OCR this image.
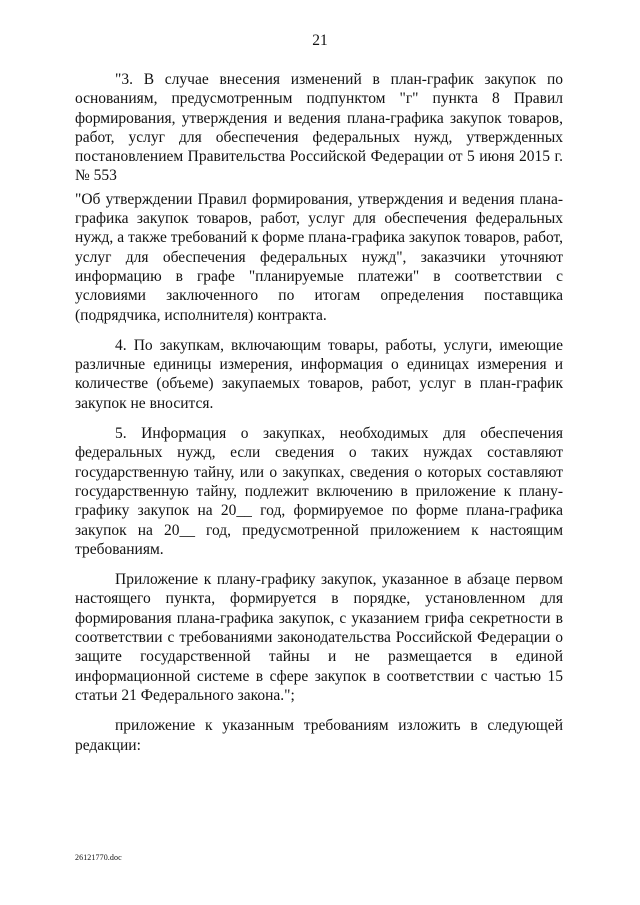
21

"3. В случае внесения изменений в план-график закупок по основаниям, предусмотренным подпунктом "г" пункта 8 Правил формирования, утверждения и ведения плана-графика закупок товаров, работ, услуг для обеспечения федеральных нужд, утвержденных постановлением Правительства Российской Федерации от 5 июня 2015 г. № 553

"Об утверждении Правил формирования, утверждения и ведения плана-графика закупок товаров, работ, услуг для обеспечения федеральных нужд, а также требований к форме плана-графика закупок товаров, работ, услуг для обеспечения федеральных нужд", заказчики уточняют информацию в графе "планируемые платежи" в соответствии с условиями заключенного по итогам определения поставщика (подрядчика, исполнителя) контракта.

4. По закупкам, включающим товары, работы, услуги, имеющие различные единицы измерения, информация о единицах измерения и количестве (объеме) закупаемых товаров, работ, услуг в план-график закупок не вносится.

5. Информация о закупках, необходимых для обеспечения федеральных нужд, если сведения о таких нуждах составляют государственную тайну, или о закупках, сведения о которых составляют государственную тайну, подлежит включению в приложение к плану-графику закупок на 20__ год, формируемое по форме плана-графика закупок на 20__ год, предусмотренной приложением к настоящим требованиям.

Приложение к плану-графику закупок, указанное в абзаце первом настоящего пункта, формируется в порядке, установленном для формирования плана-графика закупок, с указанием грифа секретности в соответствии с требованиями законодательства Российской Федерации о защите государственной тайны и не размещается в единой информационной системе в сфере закупок в соответствии с частью 15 статьи 21 Федерального закона.";

приложение к указанным требованиям изложить в следующей редакции:

26121770.doc
